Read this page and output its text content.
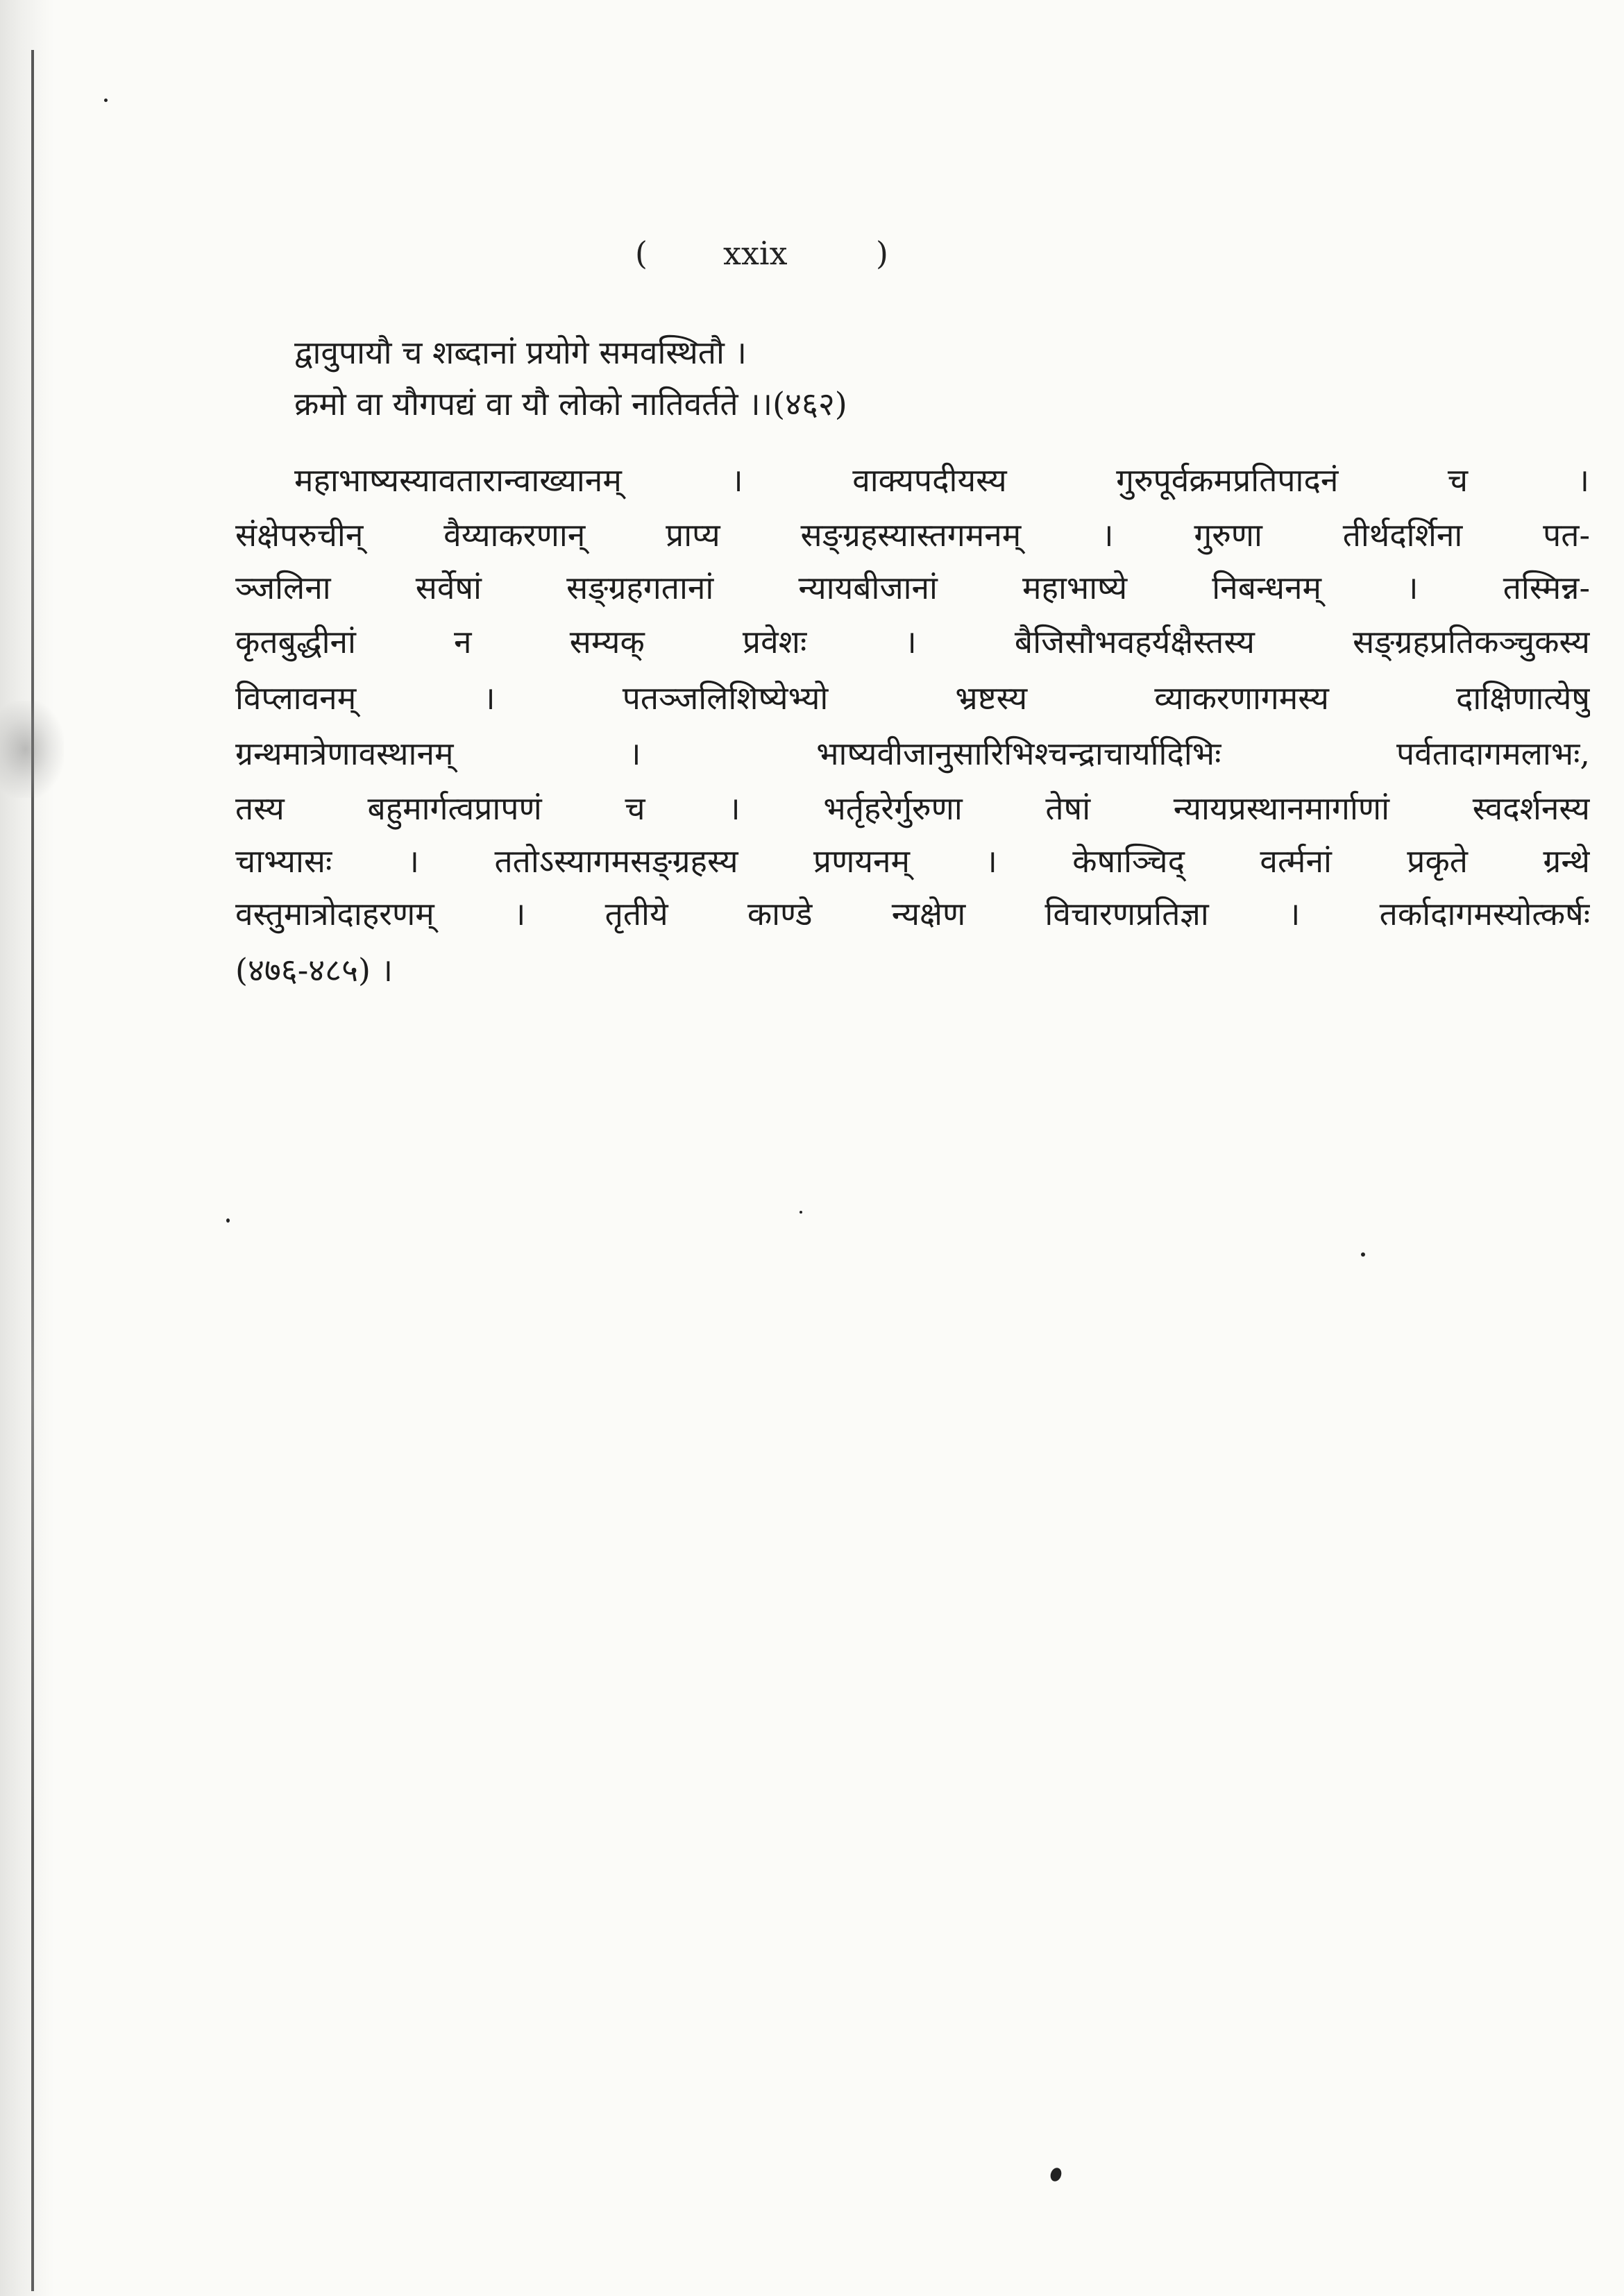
( xxix	)
द्वावुपायौ च शब्दानां प्रयोगे समवस्थितौ ।
क्रमो वा यौगपद्यं वा यौ लोको नातिवर्तते ।।(४६२)
महाभाष्यस्यावतारान्वाख्यानम् । वाक्यपदीयस्य गुरुपूर्वक्रमप्रतिपादनं च ।
संक्षेपरुचीन् वैय्याकरणान् प्राप्य सङ्ग्रहस्यास्तगमनम् । गुरुणा तीर्थदर्शिना पत-
ञ्जलिना सर्वेषां सङ्ग्रहगतानां न्यायबीजानां महाभाष्ये निबन्धनम् । तस्मिन्न-
कृतबुद्धीनां न सम्यक् प्रवेशः । बैजिसौभवहर्यक्षैस्तस्य सङ्ग्रहप्रतिकञ्चुकस्य
विप्लावनम् । पतञ्जलिशिष्येभ्यो भ्रष्टस्य व्याकरणागमस्य दाक्षिणात्येषु
ग्रन्थमात्रेणावस्थानम् । भाष्यवीजानुसारिभिश्चन्द्राचार्यादिभिः पर्वतादागमलाभः,
तस्य बहुमार्गत्वप्रापणं च । भर्तृहरेर्गुरुणा तेषां न्यायप्रस्थानमार्गाणां स्वदर्शनस्य
चाभ्यासः । ततोऽस्यागमसङ्ग्रहस्य प्रणयनम् । केषाञ्चिद् वर्त्मनां प्रकृते ग्रन्थे
वस्तुमात्रोदाहरणम् । तृतीये काण्डे न्यक्षेण विचारणप्रतिज्ञा । तर्कादागमस्योत्कर्षः
(४७६-४८५) ।
